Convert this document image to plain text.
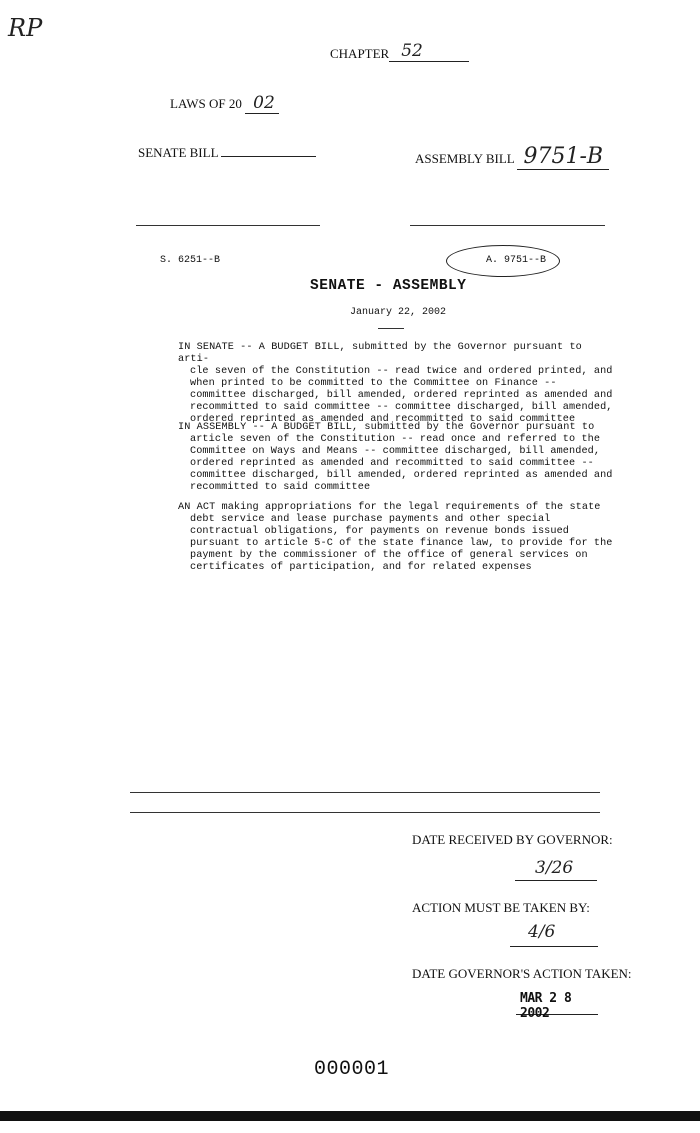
RP
CHAPTER 52
LAWS OF 20 02
SENATE BILL	ASSEMBLY BILL 9751-B
S. 6251--B	A. 9751--B
SENATE - ASSEMBLY
January 22, 2002
IN SENATE -- A BUDGET BILL, submitted by the Governor pursuant to arti-
cle seven of the Constitution -- read twice and ordered printed, and when printed to be committed to the Committee on Finance -- committee discharged, bill amended, ordered reprinted as amended and recommitted to said committee -- committee discharged, bill amended, ordered reprinted as amended and recommitted to said committee
IN ASSEMBLY -- A BUDGET BILL, submitted by the Governor pursuant to
article seven of the Constitution -- read once and referred to the Committee on Ways and Means -- committee discharged, bill amended, ordered reprinted as amended and recommitted to said committee -- committee discharged, bill amended, ordered reprinted as amended and recommitted to said committee
AN ACT making appropriations for the legal requirements of the state
debt service and lease purchase payments and other special contractual obligations, for payments on revenue bonds issued pursuant to article 5-C of the state finance law, to provide for the payment by the commissioner of the office of general services on certificates of participation, and for related expenses
DATE RECEIVED BY GOVERNOR:
3/26
ACTION MUST BE TAKEN BY:
4/6
DATE GOVERNOR'S ACTION TAKEN:
MAR 2 8 2002
000001
